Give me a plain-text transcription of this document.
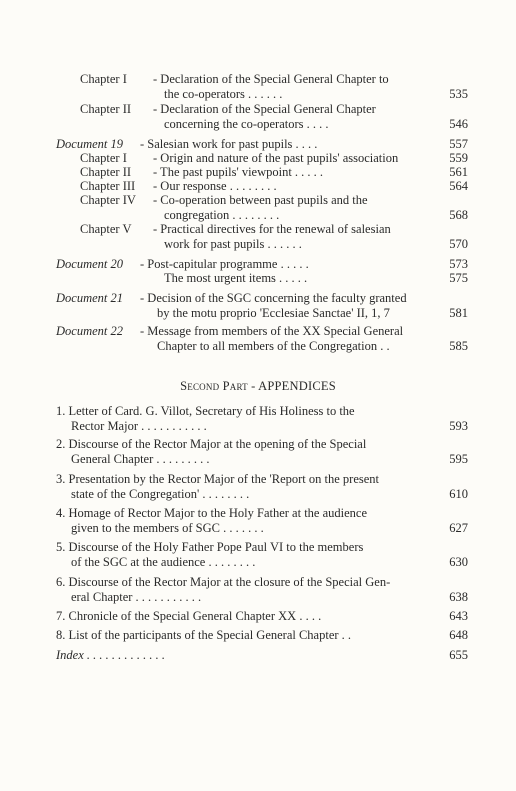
Chapter I - Declaration of the Special General Chapter to
the co-operators . . . . . .	535
Chapter II - Declaration of the Special General Chapter
concerning the co-operators . . . .	546
Document 19 - Salesian work for past pupils . . . .	557
Chapter I - Origin and nature of the past pupils' association	559
Chapter II - The past pupils' viewpoint . . . . .	561
Chapter III - Our response . . . . . . . .	564
Chapter IV - Co-operation between past pupils and the
congregation . . . . . . . .	568
Chapter V - Practical directives for the renewal of salesian
work for past pupils . . . . . .	570
Document 20 - Post-capitular programme . . . . .	573
The most urgent items . . . . .	575
Document 21 - Decision of the SGC concerning the faculty granted
by the motu proprio 'Ecclesiae Sanctae' II, 1, 7	581
Document 22 - Message from members of the XX Special General
Chapter to all members of the Congregation . .	585
Second Part - APPENDICES
1. Letter of Card. G. Villot, Secretary of His Holiness to the
Rector Major . . . . . . . . . . .	593
2. Discourse of the Rector Major at the opening of the Special
General Chapter . . . . . . . . .	595
3. Presentation by the Rector Major of the 'Report on the present
state of the Congregation' . . . . . . . .	610
4. Homage of Rector Major to the Holy Father at the audience
given to the members of SGC . . . . . . .	627
5. Discourse of the Holy Father Pope Paul VI to the members
of the SGC at the audience . . . . . . . .	630
6. Discourse of the Rector Major at the closure of the Special Gen-
eral Chapter . . . . . . . . . . .	638
7. Chronicle of the Special General Chapter XX . . . .	643
8. List of the participants of the Special General Chapter . .	648
Index . . . . . . . . . . . . .	655
